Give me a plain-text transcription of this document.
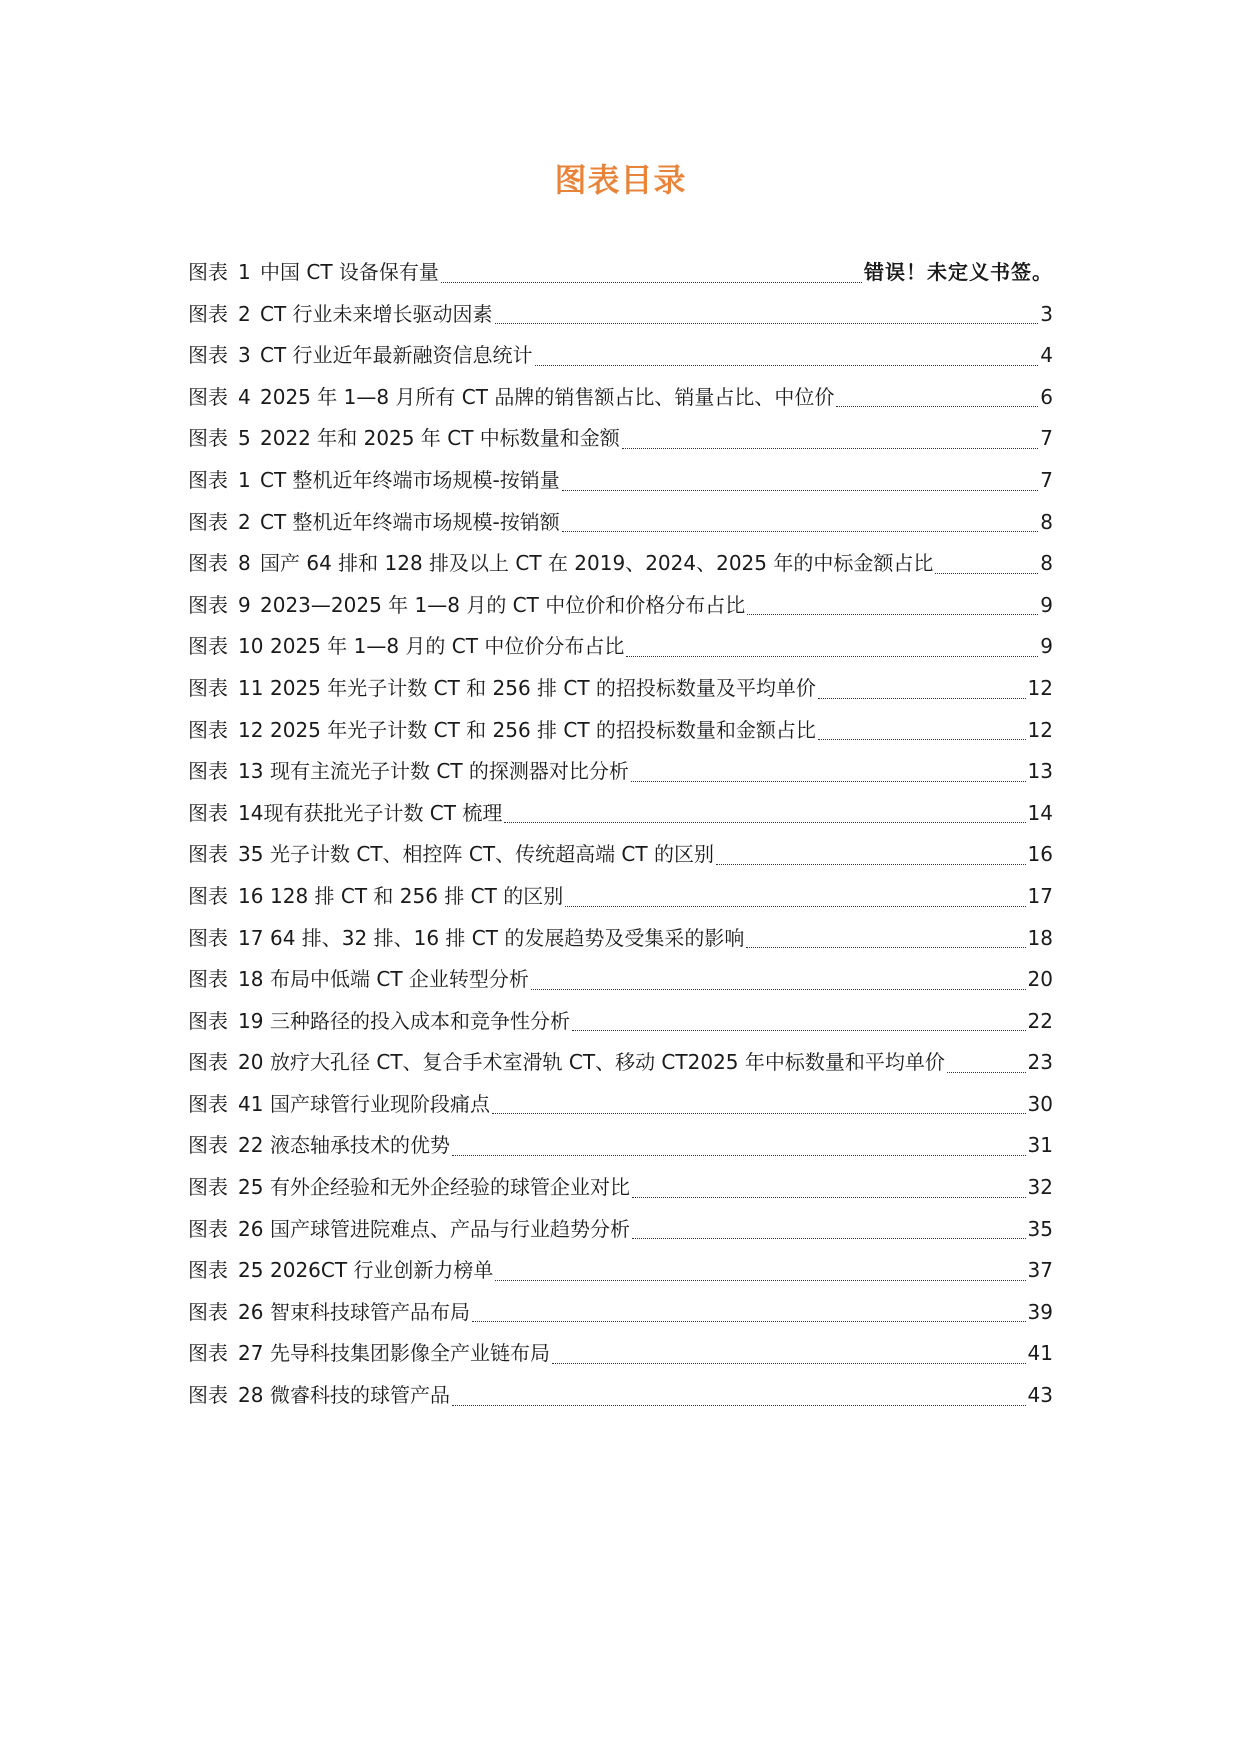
图表目录
图表 1 中国 CT 设备保有量	错误！未定义书签。
图表 2 CT 行业未来增长驱动因素	3
图表 3 CT 行业近年最新融资信息统计	4
图表 4 2025 年 1—8 月所有 CT 品牌的销售额占比、销量占比、中位价	6
图表 5 2022 年和 2025 年 CT 中标数量和金额	7
图表 1 CT 整机近年终端市场规模-按销量	7
图表 2 CT 整机近年终端市场规模-按销额	8
图表 8 国产 64 排和 128 排及以上 CT 在 2019、2024、2025 年的中标金额占比	8
图表 9 2023—2025 年 1—8 月的 CT 中位价和价格分布占比	9
图表 10 2025 年 1—8 月的 CT 中位价分布占比	9
图表 11 2025 年光子计数 CT 和 256 排 CT 的招投标数量及平均单价	12
图表 12 2025 年光子计数 CT 和 256 排 CT 的招投标数量和金额占比	12
图表 13 现有主流光子计数 CT 的探测器对比分析	13
图表 14 现有获批光子计数 CT 梳理	14
图表 35 光子计数 CT、相控阵 CT、传统超高端 CT 的区别	16
图表 16 128 排 CT 和 256 排 CT 的区别	17
图表 17 64 排、32 排、16 排 CT 的发展趋势及受集采的影响	18
图表 18 布局中低端 CT 企业转型分析	20
图表 19 三种路径的投入成本和竞争性分析	22
图表 20 放疗大孔径 CT、复合手术室滑轨 CT、移动 CT2025 年中标数量和平均单价	23
图表 41 国产球管行业现阶段痛点	30
图表 22 液态轴承技术的优势	31
图表 25 有外企经验和无外企经验的球管企业对比	32
图表 26 国产球管进院难点、产品与行业趋势分析	35
图表 25 2026CT 行业创新力榜单	37
图表 26 智束科技球管产品布局	39
图表 27 先导科技集团影像全产业链布局	41
图表 28 微睿科技的球管产品	43
